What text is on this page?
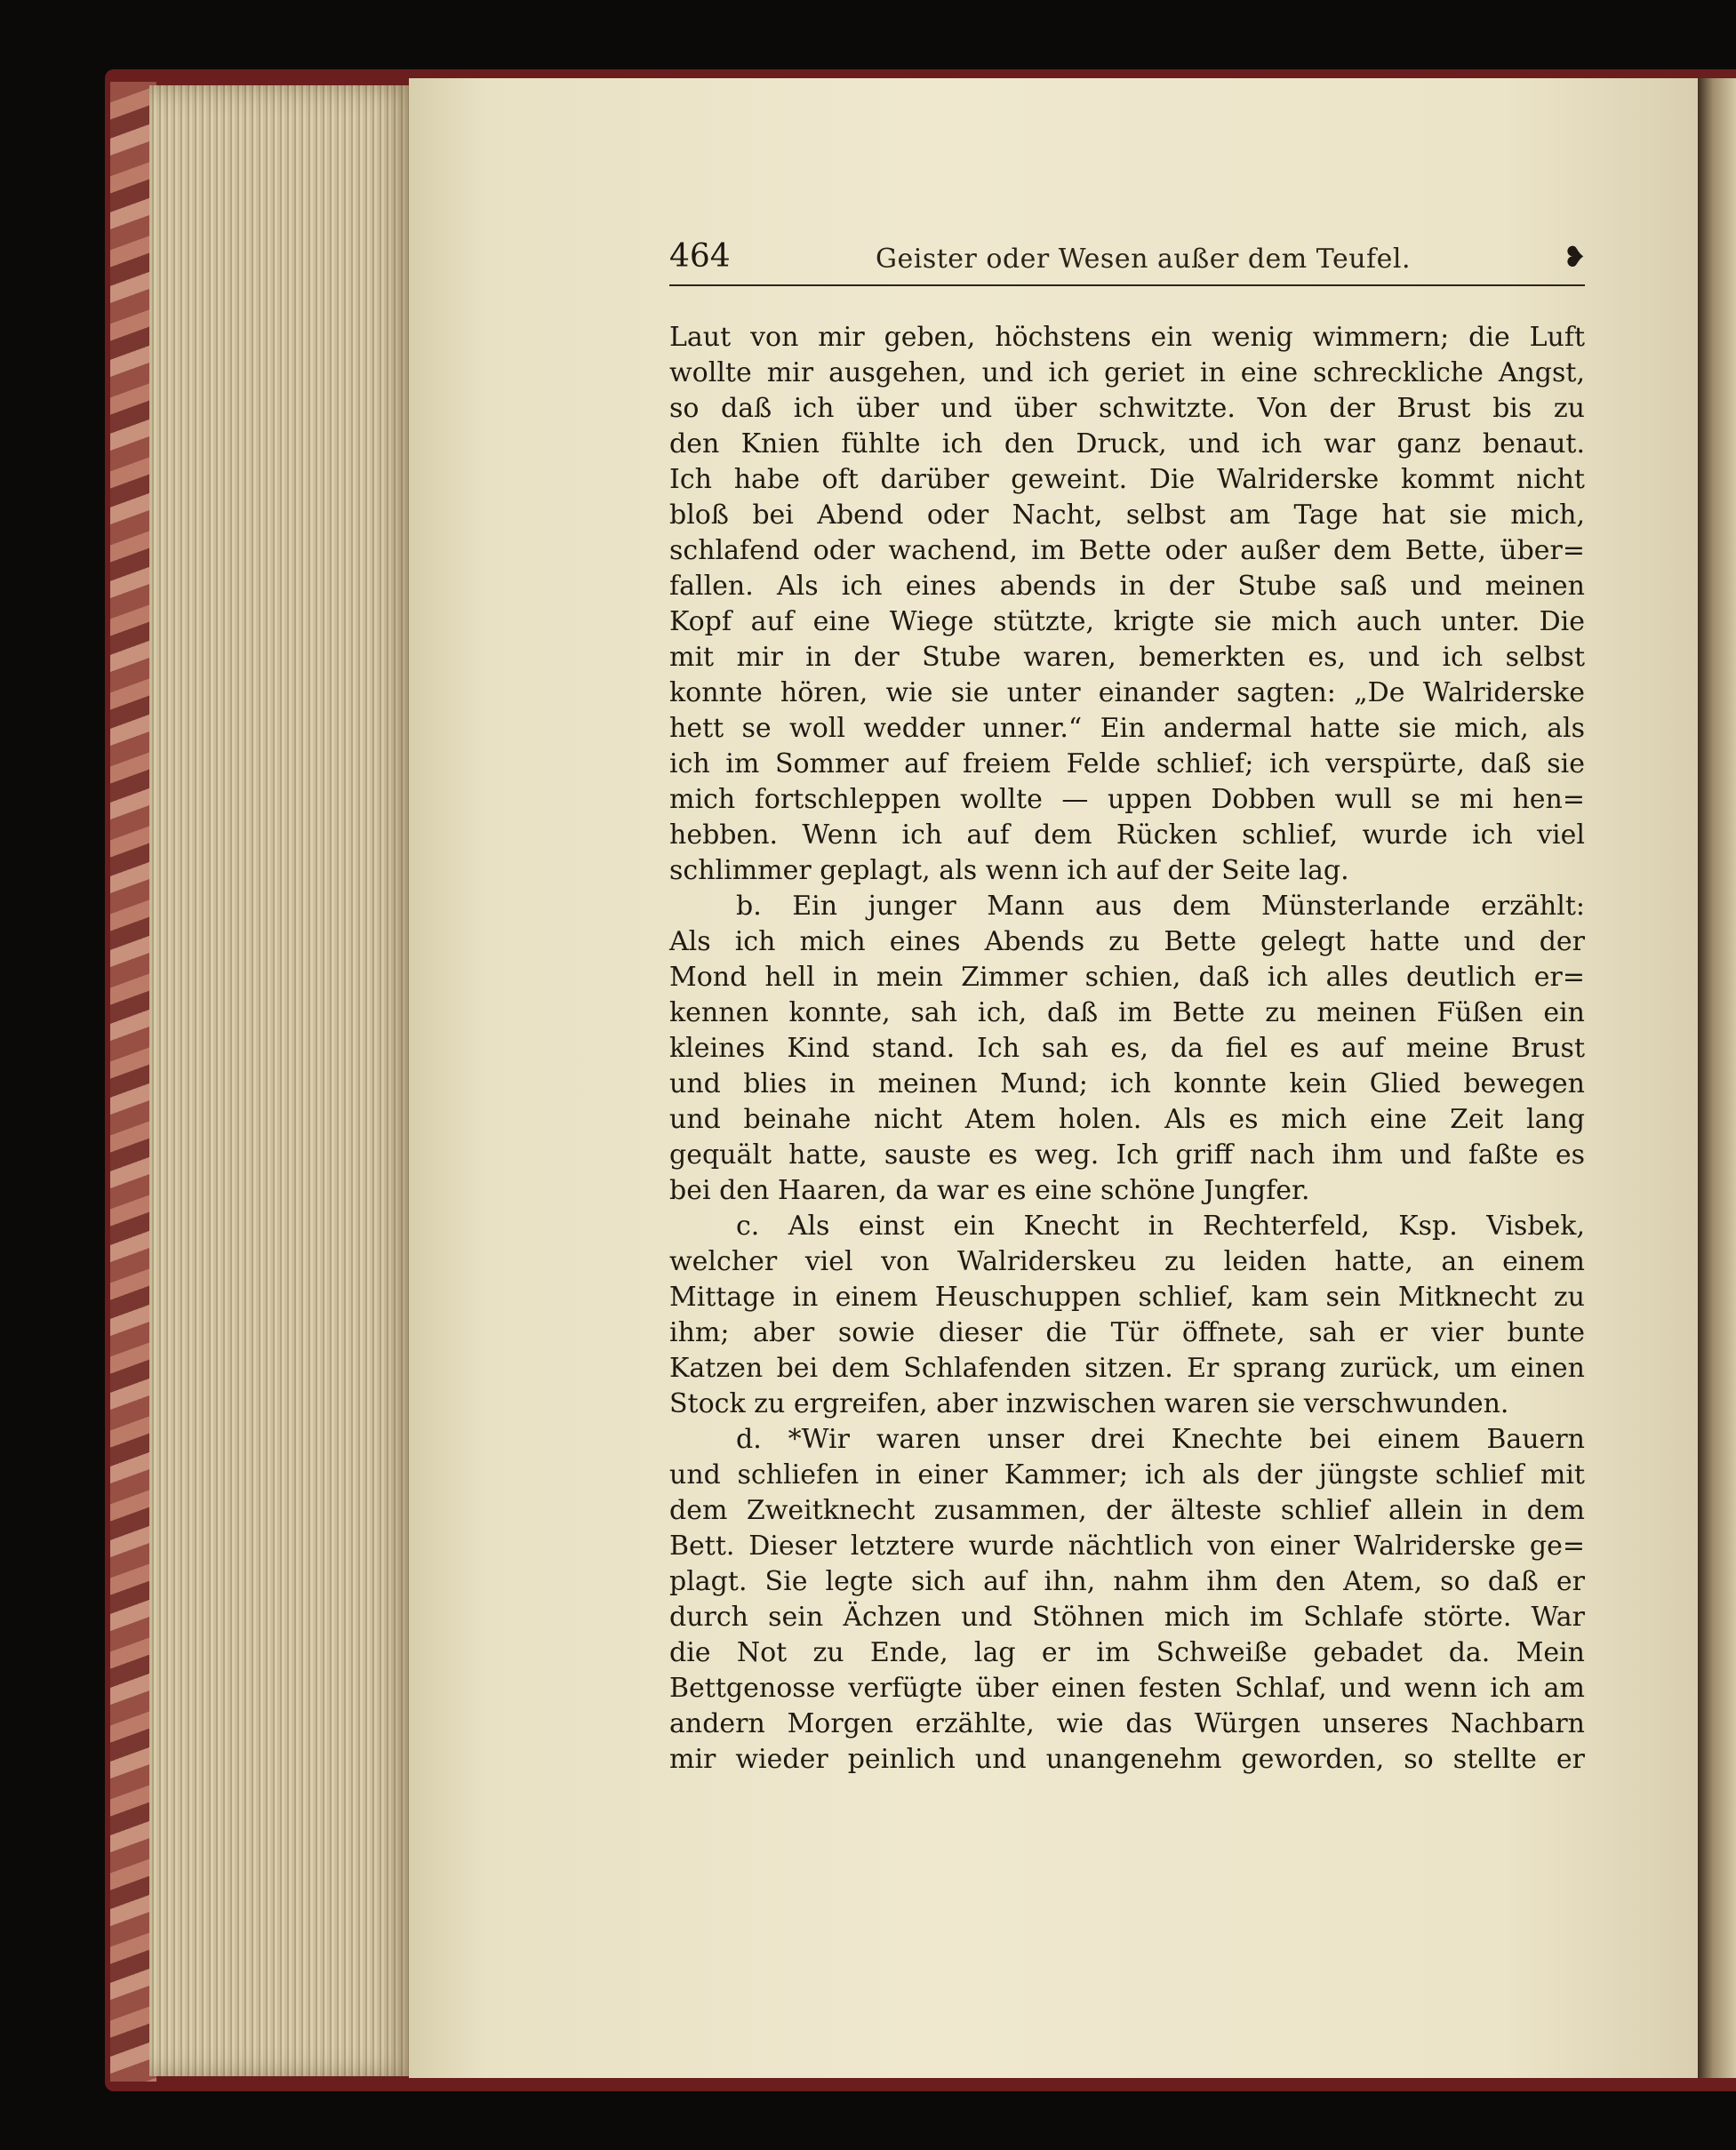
464	Geister oder Wesen außer dem Teufel.	❥
Laut von mir geben, höchstens ein wenig wimmern; die Luft
wollte mir ausgehen, und ich geriet in eine schreckliche Angst,
so daß ich über und über schwitzte. Von der Brust bis zu
den Knien fühlte ich den Druck, und ich war ganz benaut.
Ich habe oft darüber geweint. Die Walriderske kommt nicht
bloß bei Abend oder Nacht, selbst am Tage hat sie mich,
schlafend oder wachend, im Bette oder außer dem Bette, über=
fallen. Als ich eines abends in der Stube saß und meinen
Kopf auf eine Wiege stützte, krigte sie mich auch unter. Die
mit mir in der Stube waren, bemerkten es, und ich selbst
konnte hören, wie sie unter einander sagten: „De Walriderske
hett se woll wedder unner.“ Ein andermal hatte sie mich, als
ich im Sommer auf freiem Felde schlief; ich verspürte, daß sie
mich fortschleppen wollte — uppen Dobben wull se mi hen=
hebben. Wenn ich auf dem Rücken schlief, wurde ich viel
schlimmer geplagt, als wenn ich auf der Seite lag.
b. Ein junger Mann aus dem Münsterlande erzählt:
Als ich mich eines Abends zu Bette gelegt hatte und der
Mond hell in mein Zimmer schien, daß ich alles deutlich er=
kennen konnte, sah ich, daß im Bette zu meinen Füßen ein
kleines Kind stand. Ich sah es, da fiel es auf meine Brust
und blies in meinen Mund; ich konnte kein Glied bewegen
und beinahe nicht Atem holen. Als es mich eine Zeit lang
gequält hatte, sauste es weg. Ich griff nach ihm und faßte es
bei den Haaren, da war es eine schöne Jungfer.
c. Als einst ein Knecht in Rechterfeld, Ksp. Visbek,
welcher viel von Walriderskeu zu leiden hatte, an einem
Mittage in einem Heuschuppen schlief, kam sein Mitknecht zu
ihm; aber sowie dieser die Tür öffnete, sah er vier bunte
Katzen bei dem Schlafenden sitzen. Er sprang zurück, um einen
Stock zu ergreifen, aber inzwischen waren sie verschwunden.
d. *Wir waren unser drei Knechte bei einem Bauern
und schliefen in einer Kammer; ich als der jüngste schlief mit
dem Zweitknecht zusammen, der älteste schlief allein in dem
Bett. Dieser letztere wurde nächtlich von einer Walriderske ge=
plagt. Sie legte sich auf ihn, nahm ihm den Atem, so daß er
durch sein Ächzen und Stöhnen mich im Schlafe störte. War
die Not zu Ende, lag er im Schweiße gebadet da. Mein
Bettgenosse verfügte über einen festen Schlaf, und wenn ich am
andern Morgen erzählte, wie das Würgen unseres Nachbarn
mir wieder peinlich und unangenehm geworden, so stellte er
